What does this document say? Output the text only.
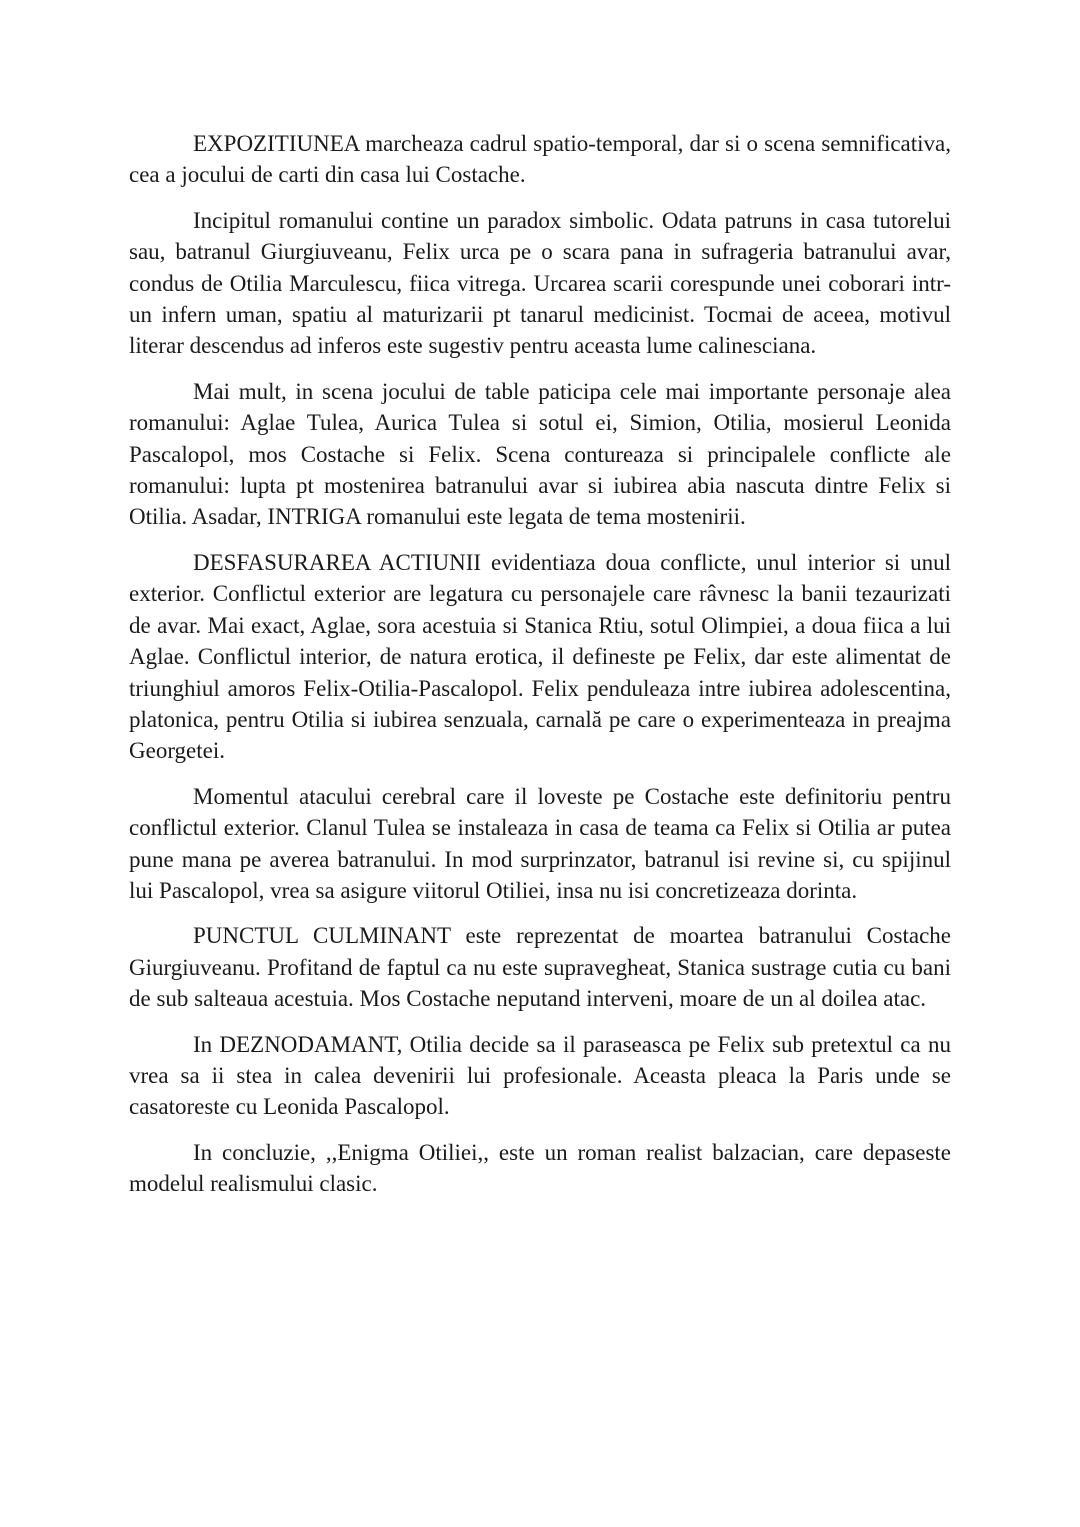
EXPOZITIUNEA marcheaza cadrul spatio-temporal, dar si o scena semnificativa, cea a jocului de carti din casa lui Costache.

Incipitul romanului contine un paradox simbolic. Odata patruns in casa tutorelui sau, batranul Giurgiuveanu, Felix urca pe o scara pana in sufrageria batranului avar, condus de Otilia Marculescu, fiica vitrega. Urcarea scarii corespunde unei coborari intr-un infern uman, spatiu al maturizarii pt tanarul medicinist. Tocmai de aceea, motivul literar descendus ad inferos este sugestiv pentru aceasta lume calinesciana.

Mai mult, in scena jocului de table paticipa cele mai importante personaje alea romanului: Aglae Tulea, Aurica Tulea si sotul ei, Simion, Otilia, mosierul Leonida Pascalopol, mos Costache si Felix. Scena contureaza si principalele conflicte ale romanului: lupta pt mostenirea batranului avar si iubirea abia nascuta dintre Felix si Otilia. Asadar, INTRIGA romanului este legata de tema mostenirii.

DESFASURAREA ACTIUNII evidentiaza doua conflicte, unul interior si unul exterior. Conflictul exterior are legatura cu personajele care râvnesc la banii tezaurizati de avar. Mai exact, Aglae, sora acestuia si Stanica Rtiu, sotul Olimpiei, a doua fiica a lui Aglae. Conflictul interior, de natura erotica, il defineste pe Felix, dar este alimentat de triunghiul amoros Felix-Otilia-Pascalopol. Felix penduleaza intre iubirea adolescentina, platonica, pentru Otilia si iubirea senzuala, carnală pe care o experimenteaza in preajma Georgetei.

Momentul atacului cerebral care il loveste pe Costache este definitoriu pentru conflictul exterior. Clanul Tulea se instaleaza in casa de teama ca Felix si Otilia ar putea pune mana pe averea batranului. In mod surprinzator, batranul isi revine si, cu spijinul lui Pascalopol, vrea sa asigure viitorul Otiliei, insa nu isi concretizeaza dorinta.

PUNCTUL CULMINANT este reprezentat de moartea batranului Costache Giurgiuveanu. Profitand de faptul ca nu este supravegheat, Stanica sustrage cutia cu bani de sub salteaua acestuia. Mos Costache neputand interveni, moare de un al doilea atac.

In DEZNODAMANT, Otilia decide sa il paraseasca pe Felix sub pretextul ca nu vrea sa ii stea in calea devenirii lui profesionale. Aceasta pleaca la Paris unde se casatoreste cu Leonida Pascalopol.

In concluzie, ,,Enigma Otiliei,, este un roman realist balzacian, care depaseste modelul realismului clasic.
